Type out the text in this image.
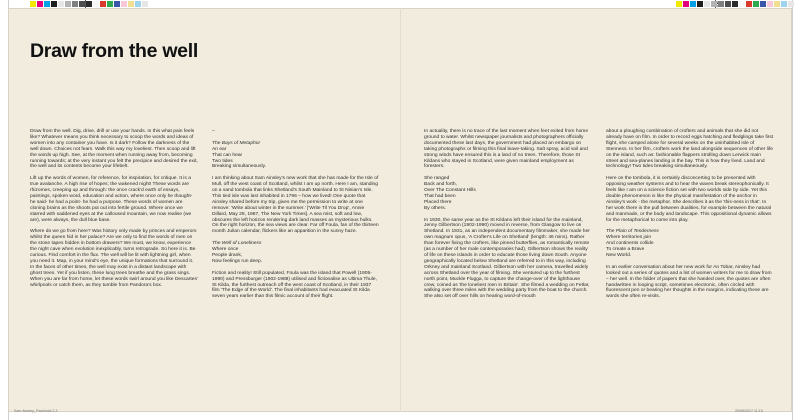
Draw from the well

Draw from the well. Dig, drive, drill or use your hands. Is this what pain feels like? Whatever means you think necessary to scoop the words and ideas of women into any container you have. Is it dark? Follow the darkness of the well down. Choices not fears. Walk this way my loveliest. Then scoop and lift the words up high. See, at the moment when running away from, becoming running towards; at the very instant you felt the precipice and desired the exit, the well and its contents become your lifebelt.

Lift up the words of women, for reference, for inspiration, for critique. It is a true avalanche. A high rise of hopes; the wakened night! These words are rhizomes, creeping up and through: the once crack'd earth of essays, paintings, spoken word, education and action, where once only he thought- he said- he had a point- he had a purpose. These words of women are cloning brains as the shoots put out into fertile ground. Where once we starred with saddened eyes at the calloused mountain, we now realise (we are), were always, the dull blue base.

Where do we go from here? Was history only made by princes and emperors whilst the queen hid in her palace? Are we only to find the words of men on the stone tapes hidden in bottom drawers? We must, we know, experience the night cave when evolution inexplicably, turns retrograde. So here it is. Be curious. Find comfort in the flux. The well will be lit with lightning girl, when you need it. Map, in your mind's eye, the unique formations that surround it. In the faces of other times, the well may exist in a distant landscape with ghost trees. Yet if you listen, these lung trees breathe and the grass sings. When you are far from home, let these words swirl around you like Descartes' whirlpools or catch them, as they tumble from Pandora's box.

–

The Bays of Metaphor
An ear
That can hear
Two tides
Breaking simultaneously.

I am thinking about Sam Ainsley's new work that she has made for the Isle of Mull, off the west coast of Scotland, whilst I am up north. Here I am, standing on a sand tombola that links Shetland's South Mainland to St Ninian's Isle. This tied isle was last inhabited in 1796 – how we lived! One quote that Ainsley shared before my trip, gives me the permission to write at one remove: 'Write about winter in the summer.' ['Write Til You Drop', Annie Dillard, May 28, 1987, The New York Times]. A sea mist, soft and low, obscures the left horizon rendering dark land masses as mysterious hulks. On the right horizon, the sea views are clear. Far off Foula, fan of the thirteen month Julian calendar, flickers like an apparition in the sunny haze.

The Well of Loneliness
Where once
People drank,
Now feelings run deep.

Fiction and reality! Still populated, Foula was the island that Powell (1905-1990) and Pressburger (1902-1988) utilised and fictionalise as Ultima Thule, St Kilda, the furthest outreach off the west coast of Scotland, in their 1937 film 'The Edge of the World'. The final inhabitants had evacuated St Kilda seven years earlier than this filmic account of their flight.

In actuality, there is no trace of the last moment when feet exited from home ground to water. Whilst newspaper journalists and photographers officially documented these last days, the government had placed an embargo on taking photographs or filming this final leave-taking. Salt spray, acid soil and strong winds have ensured this is a land of no trees. Therefore, those St Kildans who stayed in Scotland, were given mainland employment as foresters.

She ranged
Back and forth,
Over The Constant Hills
That had been
Placed there
By others.

In 1930, the same year as the St Kildans left their island for the mainland, Jenny Gilbertson (1902-1990) moved in reverse, from Glasgow to live on Shetland. In 1931, as an independent documentary filmmaker, she made her own magnum opus, 'A Crofter's Life on Shetland' (length: 46 mins). Rather than forever fixing the crofters, like pinned butterflies, as romantically remote (as a number of her male contemporaries had), Gilbertson shows the reality of life on these islands in order to educate those living down South. Anyone geographically located below Shetland are referred to in this way, including Orkney and mainland Scotland. Gilbertson with her camera, travelled widely across Shetland over the year of filming. She ventured up to the furthest north point, Muckle Flugga, to capture the change-over of the lighthouse crew, coined as 'the loneliest men in Britain'. She filmed a wedding on Fetlar, walking over three miles with the wedding party from the boat to the church. She also set off over hills on hearing word-of-mouth

about a ploughing combination of crofters and animals that she did not already have on film. In order to record eggs hatching and fledglings take first flight, she camped alone for several weeks on the uninhabited isle of Stenness. In her film, crofters work the land alongside sequences of other life on the island, such as: fashionable flappers strolling down Lerwick main street and sea-planes landing in the bay. This is how they lived. Land and technology! Two tides breaking simultaneously.

Here on the tombola, it is certainly disconcerting to be presented with opposing weather systems and to hear the waves break stereophonically. It feels like I am on a science fiction set with two worlds side by side. Yet this double phenomenon is like the physical manifestation of the anchor in Ainsley's work - the metaphor. She describes it as the 'this-ness in that'. In her work there is the pull between dualities, for example between the natural and manmade, or the body and landscape. This oppositional dynamic allows for the metaphorical to come into play.

The Plain of Tenderness
Where territories join
And continents collide
To create a Brave
New World.

In an earlier conversation about her new work for An Tobar, Ainsley had looked out a series of quotes and a list of women writers for me to draw from – her well. In the folder of papers that she handed over, the quotes are often handwritten in looping script, sometimes electronic, often circled with fluorescent pen or bearing her thoughts in the margins, indicating these are words she often re-visits.

Sam Ainsley_Final.indd 2-3	29/08/2017 11:15
